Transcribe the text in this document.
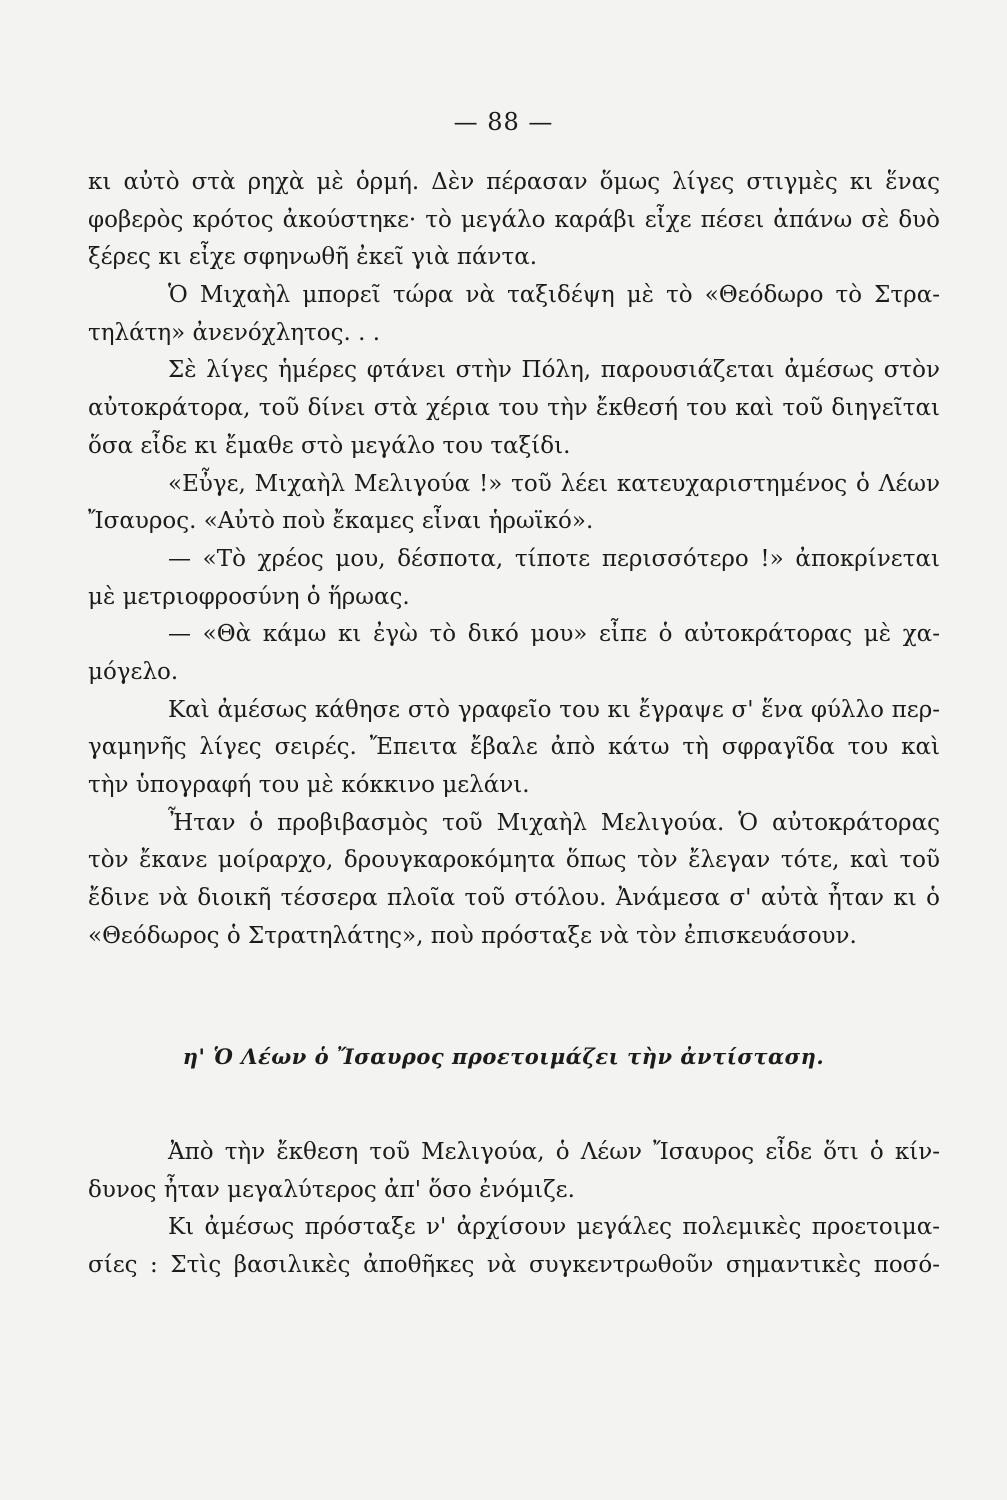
— 88 —
κι αὐτὸ στὰ ρηχὰ μὲ ὁρμή. Δὲν πέρασαν ὅμως λίγες στιγμὲς κι ἕνας
φοβερὸς κρότος ἀκούστηκε· τὸ μεγάλο καράβι εἶχε πέσει ἀπάνω σὲ δυὸ
ξέρες κι εἶχε σφηνωθῆ ἐκεῖ γιὰ πάντα.
Ὁ Μιχαὴλ μπορεῖ τώρα νὰ ταξιδέψη μὲ τὸ «Θεόδωρο τὸ Στρα-
τηλάτη» ἀνενόχλητος. . .
Σὲ λίγες ἡμέρες φτάνει στὴν Πόλη, παρουσιάζεται ἀμέσως στὸν
αὐτοκράτορα, τοῦ δίνει στὰ χέρια του τὴν ἔκθεσή του καὶ τοῦ διηγεῖται
ὅσα εἶδε κι ἔμαθε στὸ μεγάλο του ταξίδι.
«Εὖγε, Μιχαὴλ Μελιγούα !» τοῦ λέει κατευχαριστημένος ὁ Λέων
Ἴσαυρος. «Αὐτὸ ποὺ ἔκαμες εἶναι ἡρωϊκό».
— «Τὸ χρέος μου, δέσποτα, τίποτε περισσότερο !» ἀποκρίνεται
μὲ μετριοφροσύνη ὁ ἥρωας.
— «Θὰ κάμω κι ἐγὼ τὸ δικό μου» εἶπε ὁ αὐτοκράτορας μὲ χα-
μόγελο.
Καὶ ἀμέσως κάθησε στὸ γραφεῖο του κι ἔγραψε σ' ἕνα φύλλο περ-
γαμηνῆς λίγες σειρές. Ἔπειτα ἔβαλε ἀπὸ κάτω τὴ σφραγῖδα του καὶ
τὴν ὑπογραφή του μὲ κόκκινο μελάνι.
Ἦταν ὁ προβιβασμὸς τοῦ Μιχαὴλ Μελιγούα. Ὁ αὐτοκράτορας
τὸν ἔκανε μοίραρχο, δρουγκαροκόμητα ὅπως τὸν ἔλεγαν τότε, καὶ τοῦ
ἔδινε νὰ διοικῆ τέσσερα πλοῖα τοῦ στόλου. Ἀνάμεσα σ' αὐτὰ ἦταν κι ὁ
«Θεόδωρος ὁ Στρατηλάτης», ποὺ πρόσταξε νὰ τὸν ἐπισκευάσουν.
η' Ὁ Λέων ὁ Ἴσαυρος προετοιμάζει τὴν ἀντίσταση.
Ἀπὸ τὴν ἔκθεση τοῦ Μελιγούα, ὁ Λέων Ἴσαυρος εἶδε ὅτι ὁ κίν-
δυνος ἦταν μεγαλύτερος ἀπ' ὅσο ἐνόμιζε.
Κι ἀμέσως πρόσταξε ν' ἀρχίσουν μεγάλες πολεμικὲς προετοιμα-
σίες : Στὶς βασιλικὲς ἀποθῆκες νὰ συγκεντρωθοῦν σημαντικὲς ποσό-
